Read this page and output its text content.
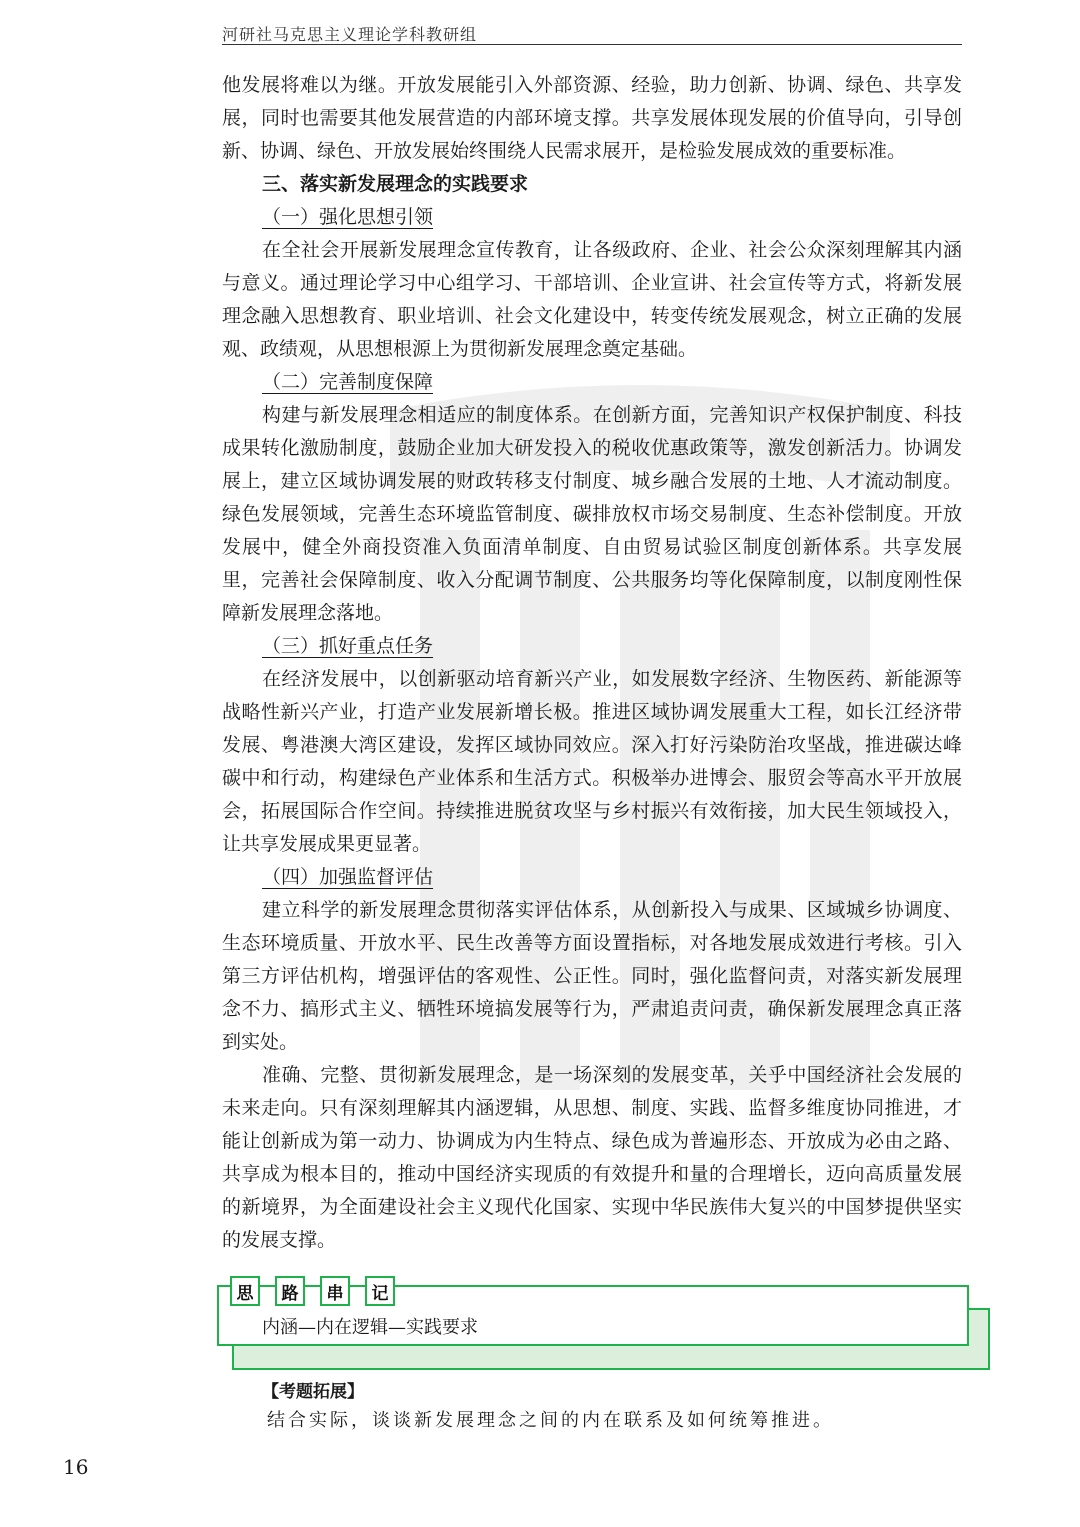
河研社马克思主义理论学科教研组

他发展将难以为继。开放发展能引入外部资源、经验，助力创新、协调、绿色、共享发展，同时也需要其他发展营造的内部环境支撑。共享发展体现发展的价值导向，引导创新、协调、绿色、开放发展始终围绕人民需求展开，是检验发展成效的重要标准。

三、落实新发展理念的实践要求

（一）强化思想引领

在全社会开展新发展理念宣传教育，让各级政府、企业、社会公众深刻理解其内涵与意义。通过理论学习中心组学习、干部培训、企业宣讲、社会宣传等方式，将新发展理念融入思想教育、职业培训、社会文化建设中，转变传统发展观念，树立正确的发展观、政绩观，从思想根源上为贯彻新发展理念奠定基础。

（二）完善制度保障

构建与新发展理念相适应的制度体系。在创新方面，完善知识产权保护制度、科技成果转化激励制度，鼓励企业加大研发投入的税收优惠政策等，激发创新活力。协调发展上，建立区域协调发展的财政转移支付制度、城乡融合发展的土地、人才流动制度。绿色发展领域，完善生态环境监管制度、碳排放权市场交易制度、生态补偿制度。开放发展中，健全外商投资准入负面清单制度、自由贸易试验区制度创新体系。共享发展里，完善社会保障制度、收入分配调节制度、公共服务均等化保障制度，以制度刚性保障新发展理念落地。

（三）抓好重点任务

在经济发展中，以创新驱动培育新兴产业，如发展数字经济、生物医药、新能源等战略性新兴产业，打造产业发展新增长极。推进区域协调发展重大工程，如长江经济带发展、粤港澳大湾区建设，发挥区域协同效应。深入打好污染防治攻坚战，推进碳达峰碳中和行动，构建绿色产业体系和生活方式。积极举办进博会、服贸会等高水平开放展会，拓展国际合作空间。持续推进脱贫攻坚与乡村振兴有效衔接，加大民生领域投入，让共享发展成果更显著。

（四）加强监督评估

建立科学的新发展理念贯彻落实评估体系，从创新投入与成果、区域城乡协调度、生态环境质量、开放水平、民生改善等方面设置指标，对各地发展成效进行考核。引入第三方评估机构，增强评估的客观性、公正性。同时，强化监督问责，对落实新发展理念不力、搞形式主义、牺牲环境搞发展等行为，严肃追责问责，确保新发展理念真正落到实处。

准确、完整、贯彻新发展理念，是一场深刻的发展变革，关乎中国经济社会发展的未来走向。只有深刻理解其内涵逻辑，从思想、制度、实践、监督多维度协同推进，才能让创新成为第一动力、协调成为内生特点、绿色成为普遍形态、开放成为必由之路、共享成为根本目的，推动中国经济实现质的有效提升和量的合理增长，迈向高质量发展的新境界，为全面建设社会主义现代化国家、实现中华民族伟大复兴的中国梦提供坚实的发展支撑。

思	路	串	记
内涵—内在逻辑—实践要求
【考题拓展】
结合实际，谈谈新发展理念之间的内在联系及如何统筹推进。
16
